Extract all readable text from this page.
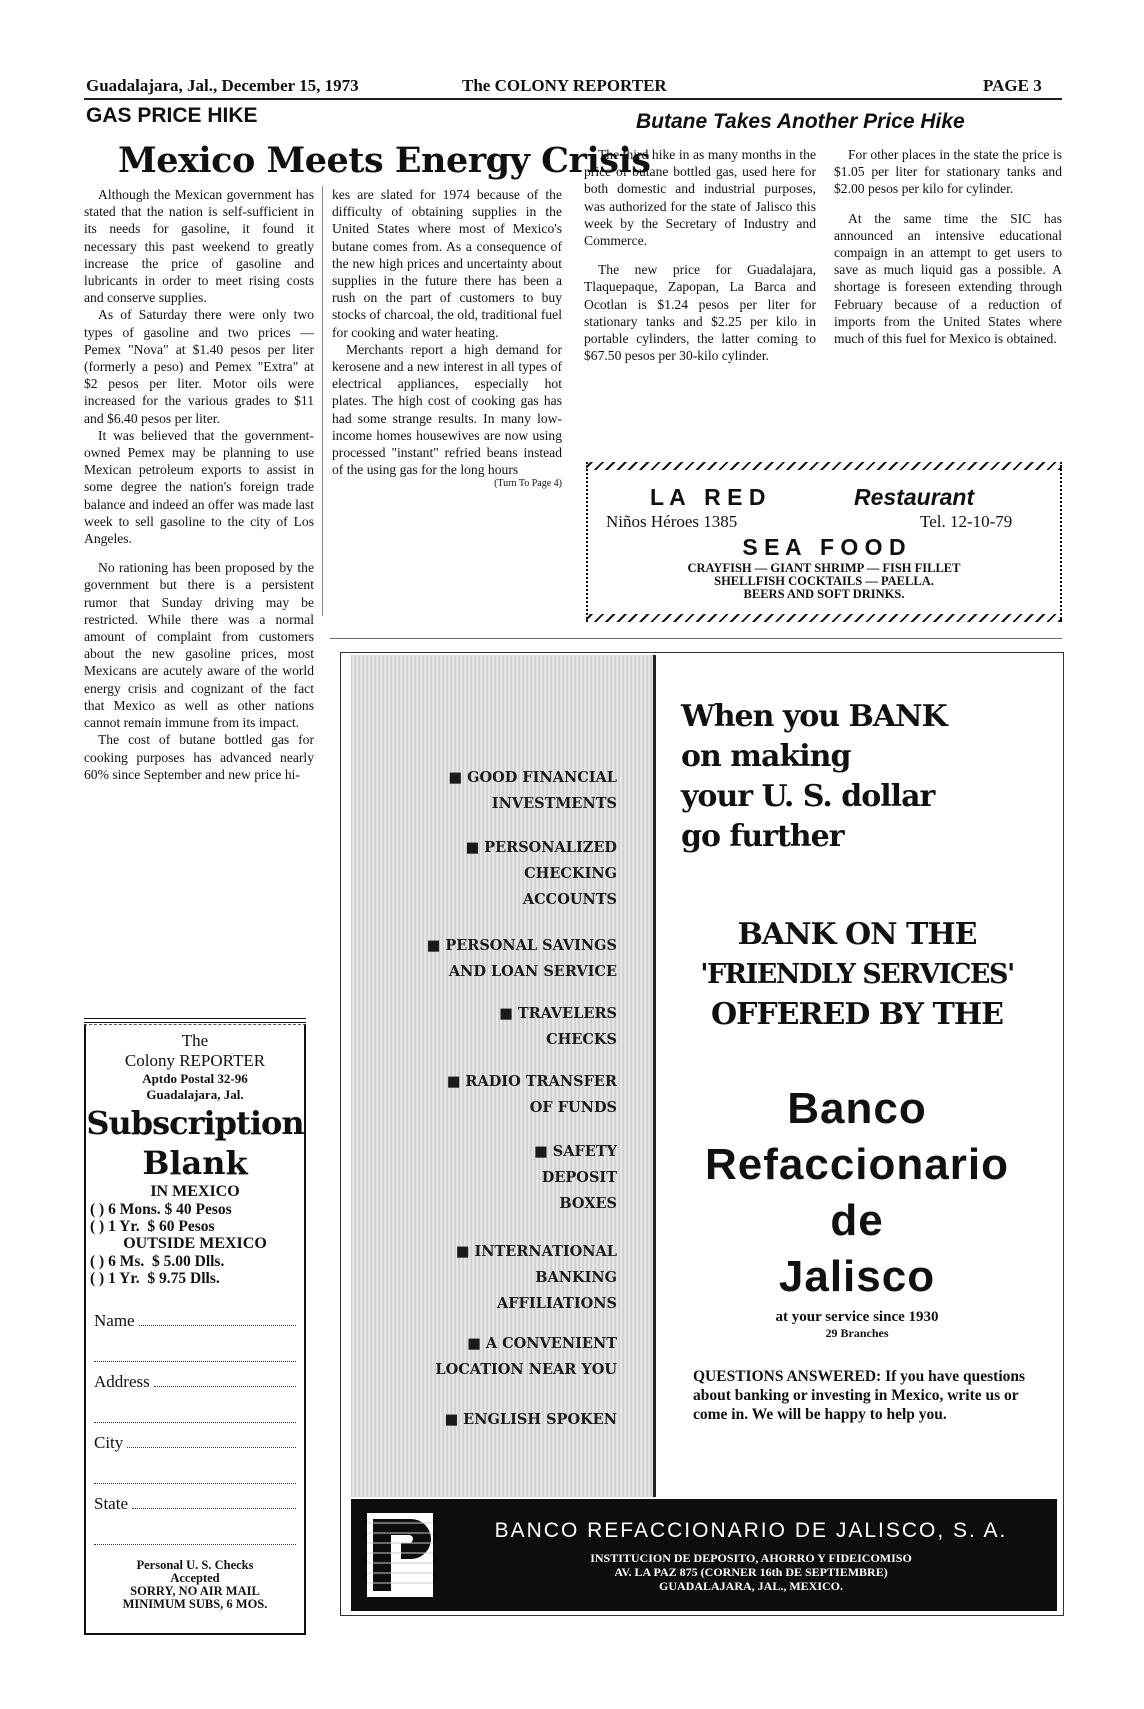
Guadalajara, Jal., December 15, 1973	The COLONY REPORTER	PAGE 3
GAS PRICE HIKE
Mexico Meets Energy Crisis

Although the Mexican government has stated that the nation is self-sufficient in its needs for gasoline, it found it necessary this past weekend to greatly increase the price of gasoline and lubricants in order to meet rising costs and conserve supplies.

As of Saturday there were only two types of gasoline and two prices — Pemex "Nova" at $1.40 pesos per liter (formerly a peso) and Pemex "Extra" at $2 pesos per liter. Motor oils were increased for the various grades to $11 and $6.40 pesos per liter.

It was believed that the government-owned Pemex may be planning to use Mexican petroleum exports to assist in some degree the nation's foreign trade balance and indeed an offer was made last week to sell gasoline to the city of Los Angeles.

No rationing has been proposed by the government but there is a persistent rumor that Sunday driving may be restricted. While there was a normal amount of complaint from customers about the new gasoline prices, most Mexicans are acutely aware of the world energy crisis and cognizant of the fact that Mexico as well as other nations cannot remain immune from its impact.

The cost of butane bottled gas for cooking purposes has advanced nearly 60% since September and new price hi-

kes are slated for 1974 because of the difficulty of obtaining supplies in the United States where most of Mexico's butane comes from. As a consequence of the new high prices and uncertainty about supplies in the future there has been a rush on the part of customers to buy stocks of charcoal, the old, traditional fuel for cooking and water heating.

Merchants report a high demand for kerosene and a new interest in all types of electrical appliances, especially hot plates. The high cost of cooking gas has had some strange results. In many low-income homes housewives are now using processed "instant" refried beans instead of the using gas for the long hours

(Turn To Page 4)
Butane Takes Another Price Hike

The third hike in as many months in the price of butane bottled gas, used here for both domestic and industrial purposes, was authorized for the state of Jalisco this week by the Secretary of Industry and Commerce.

The new price for Guadalajara, Tlaquepaque, Zapopan, La Barca and Ocotlan is $1.24 pesos per liter for stationary tanks and $2.25 per kilo in portable cylinders, the latter coming to $67.50 pesos per 30-kilo cylinder.

For other places in the state the price is $1.05 per liter for stationary tanks and $2.00 pesos per kilo for cylinder.

At the same time the SIC has announced an intensive educational compaign in an attempt to get users to save as much liquid gas a possible. A shortage is foreseen extending through February because of a reduction of imports from the United States where much of this fuel for Mexico is obtained.

L A   R E D	Restaurant
Niños Héroes 1385	Tel. 12-10-79
S E A   F O O D
CRAYFISH — GIANT SHRIMP — FISH FILLET
SHELLFISH COCKTAILS — PAELLA.
BEERS AND SOFT DRINKS.
The
Colony REPORTER
Aptdo Postal 32-96
Guadalajara, Jal.
Subscription
Blank
IN MEXICO
( ) 6 Mons. $ 40 Pesos
( ) 1 Yr. $ 60 Pesos
OUTSIDE MEXICO
( ) 6 Ms. $ 5.00 Dlls.
( ) 1 Yr. $ 9.75 Dlls.
Name
Address
City
State
Personal U. S. Checks
Accepted
SORRY, NO AIR MAIL
MINIMUM SUBS, 6 MOS.
■ GOOD FINANCIAL
INVESTMENTS
■ PERSONALIZED
CHECKING
ACCOUNTS
■ PERSONAL SAVINGS
AND LOAN SERVICE
■ TRAVELERS
CHECKS
■ RADIO TRANSFER
OF FUNDS
■ SAFETY
DEPOSIT
BOXES
■ INTERNATIONAL
BANKING
AFFILIATIONS
■ A CONVENIENT
LOCATION NEAR YOU
■ ENGLISH SPOKEN
When you BANK
on making
your U. S. dollar
go further
BANK ON THE
'FRIENDLY SERVICES'
OFFERED BY THE
Banco
Refaccionario
de
Jalisco
at your service since 1930
29 Branches
QUESTIONS ANSWERED: If you have questions about banking or investing in Mexico, write us or come in. We will be happy to help you.
BANCO REFACCIONARIO DE JALISCO, S. A.
INSTITUCION DE DEPOSITO, AHORRO Y FIDEICOMISO
AV. LA PAZ 875 (CORNER 16th DE SEPTIEMBRE)
GUADALAJARA, JAL., MEXICO.
